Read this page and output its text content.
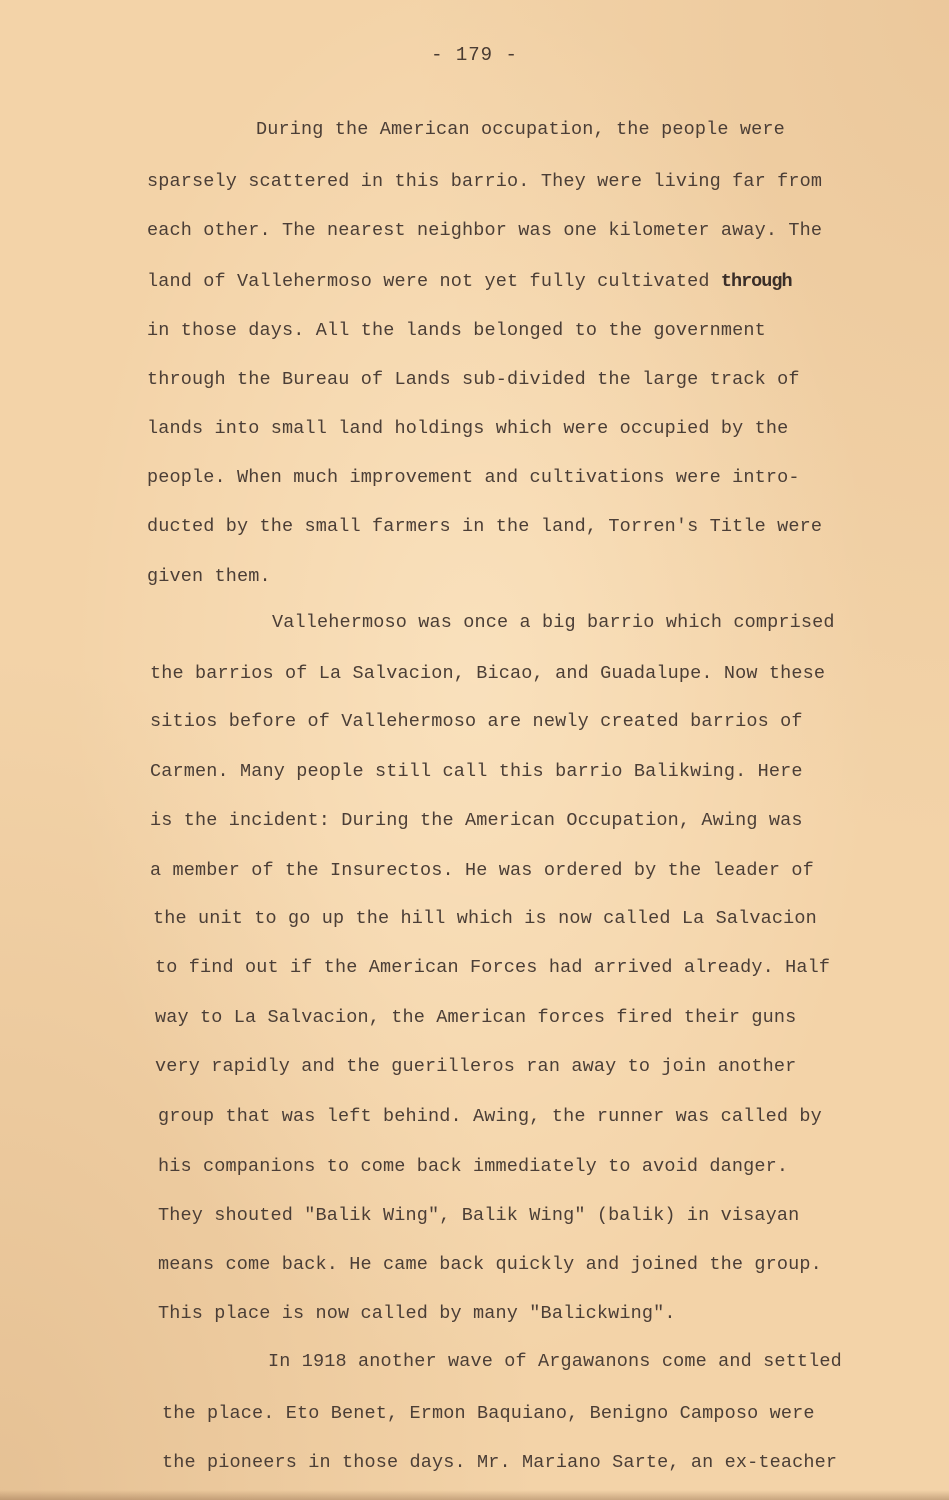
- 179 -
During the American occupation, the people were
sparsely scattered in this barrio. They were living far from
each other. The nearest neighbor was one kilometer away. The
land of Vallehermoso were not yet fully cultivated through
in those days. All the lands belonged to the government
through the Bureau of Lands sub-divided the large track of
lands into small land holdings which were occupied by the
people. When much improvement and cultivations were intro-
ducted by the small farmers in the land, Torren's Title were
given them.
Vallehermoso was once a big barrio which comprised
the barrios of La Salvacion, Bicao, and Guadalupe. Now these
sitios before of Vallehermoso are newly created barrios of
Carmen. Many people still call this barrio Balikwing. Here
is the incident: During the American Occupation, Awing was
a member of the Insurectos. He was ordered by the leader of
the unit to go up the hill which is now called La Salvacion
to find out if the American Forces had arrived already. Half
way to La Salvacion, the American forces fired their guns
very rapidly and the guerilleros ran away to join another
group that was left behind. Awing, the runner was called by
his companions to come back immediately to avoid danger.
They shouted "Balik Wing", Balik Wing" (balik) in visayan
means come back. He came back quickly and joined the group.
This place is now called by many "Balickwing".
In 1918 another wave of Argawanons come and settled
the place. Eto Benet, Ermon Baquiano, Benigno Camposo were
the pioneers in those days. Mr. Mariano Sarte, an ex-teacher
